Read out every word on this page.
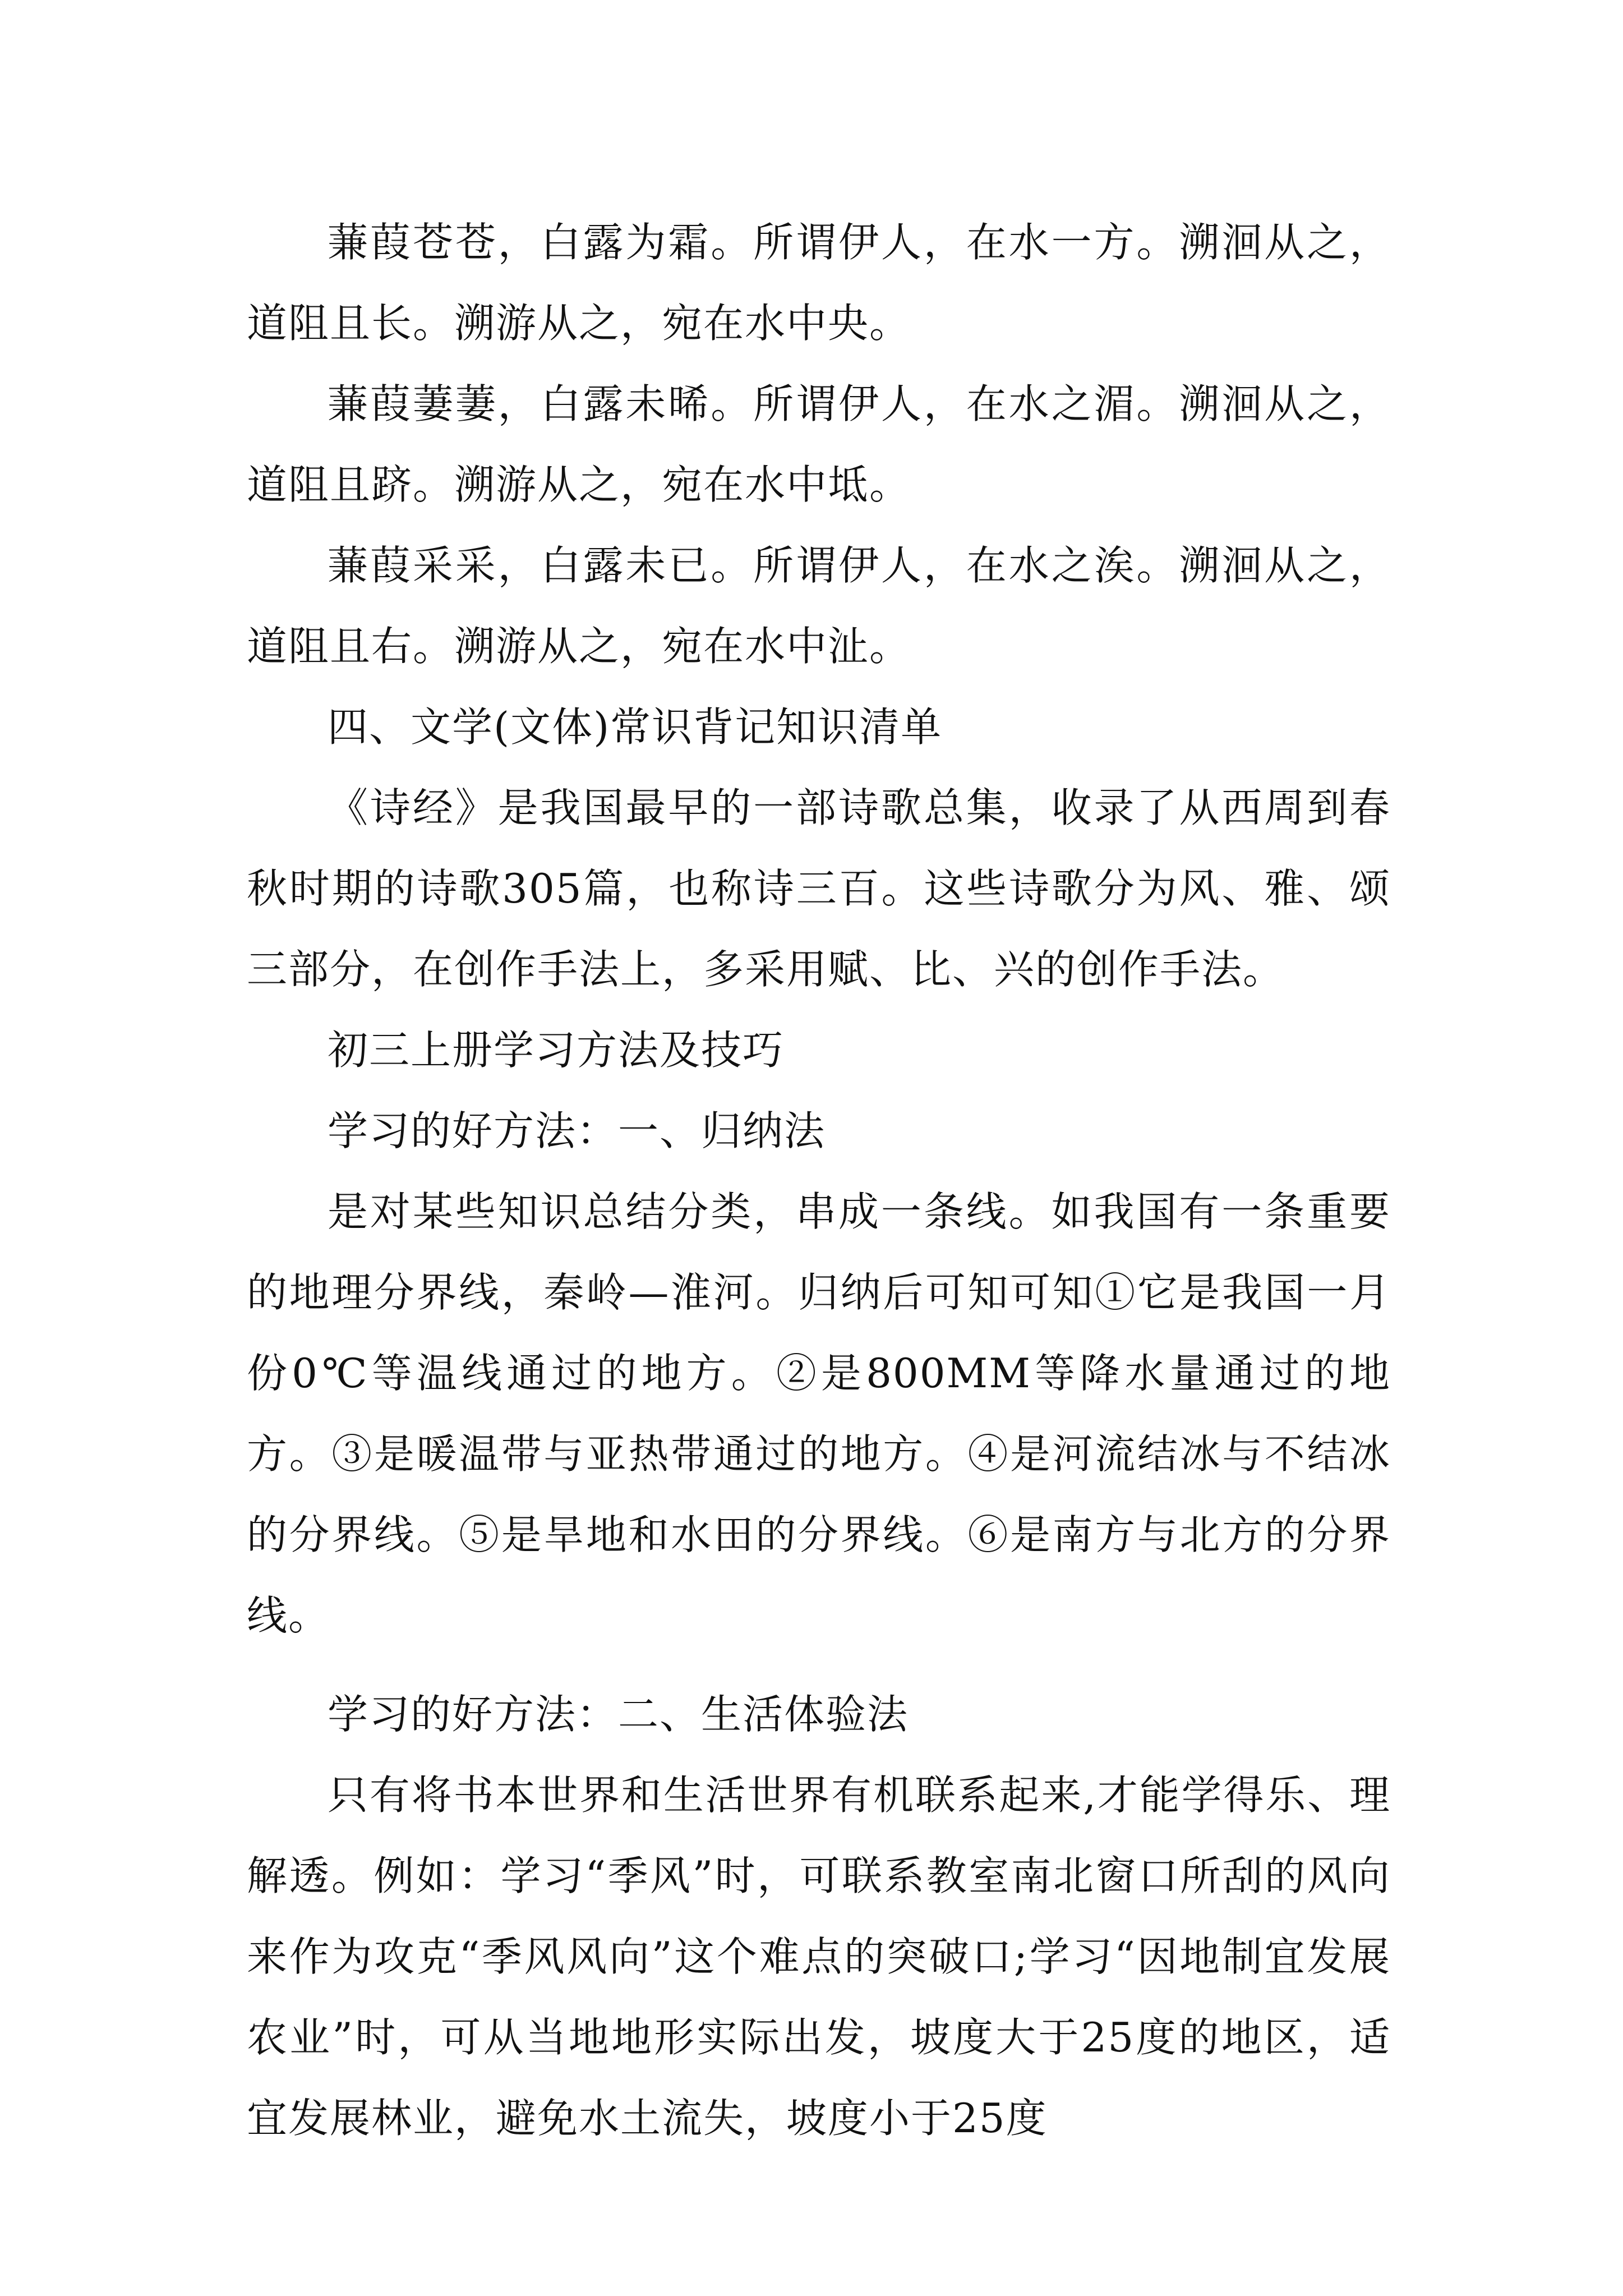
蒹葭苍苍，白露为霜。所谓伊人，在水一方。溯洄从之，道阻且长。溯游从之，宛在水中央。

蒹葭萋萋，白露未晞。所谓伊人，在水之湄。溯洄从之，道阻且跻。溯游从之，宛在水中坻。

蒹葭采采，白露未已。所谓伊人，在水之涘。溯洄从之，道阻且右。溯游从之，宛在水中沚。

四、文学(文体)常识背记知识清单

《诗经》是我国最早的一部诗歌总集，收录了从西周到春秋时期的诗歌305篇，也称诗三百。这些诗歌分为风、雅、颂三部分，在创作手法上，多采用赋、比、兴的创作手法。

初三上册学习方法及技巧

学习的好方法：一、归纳法

是对某些知识总结分类，串成一条线。如我国有一条重要的地理分界线，秦岭—淮河。归纳后可知可知①它是我国一月份0℃等温线通过的地方。②是800MM等降水量通过的地方。③是暖温带与亚热带通过的地方。④是河流结冰与不结冰的分界线。⑤是旱地和水田的分界线。⑥是南方与北方的分界线。

学习的好方法：二、生活体验法

只有将书本世界和生活世界有机联系起来,才能学得乐、理解透。例如：学习“季风”时，可联系教室南北窗口所刮的风向来作为攻克“季风风向”这个难点的突破口;学习“因地制宜发展农业”时，可从当地地形实际出发，坡度大于25度的地区，适宜发展林业，避免水土流失，坡度小于25度
